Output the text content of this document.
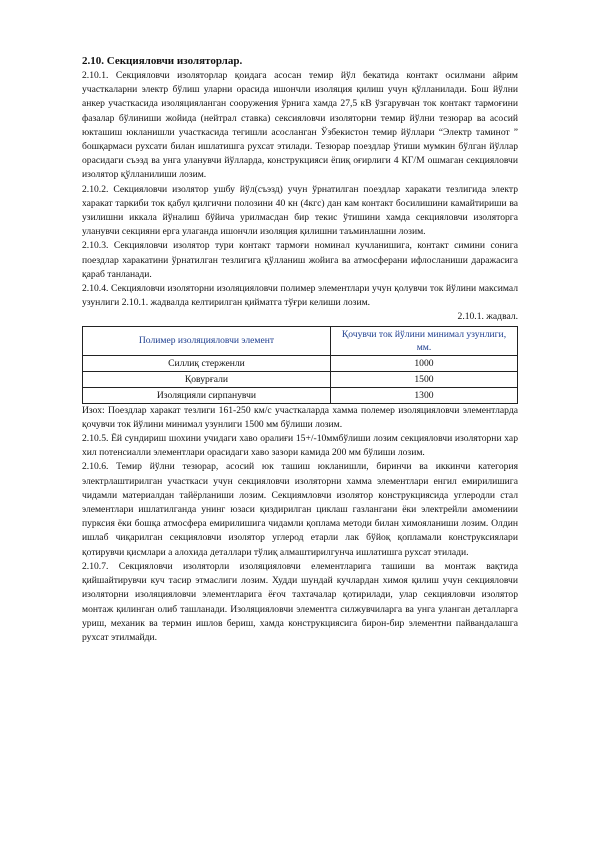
2.10. Секцияловчи изоляторлар.

2.10.1. Секцияловчи изоляторлар қоидага асосан темир йўл бекатида контакт осилмани айрим участкаларни электр бўлиш уларни орасида ишончли изоляция қилиш учун қўлланилади. Бош йўлни анкер участкасида изоляцияланган сооружения ўрнига хамда 27,5 кВ ўзгарувчан ток контакт тармоғини фазалар бўлиниши жойида (нейтрал ставка) сексияловчи изоляторни темир йўлни тезюрар ва асосий юкташиш юкланишли участкасида тегишли асосланган Ўзбекистон темир йўллари “Электр таминот ” бошқармаси рухсати билан ишлатишга рухсат этилади. Тезюрар поездлар ўтиши мумкин бўлган йўллар орасидаги съэзд ва унга уланувчи йўлларда, конструкцияси ёпиқ оғирлиги 4 КГ/М ошмаган секцияловчи изолятор қўлланилиши лозим.

2.10.2. Секцияловчи изолятор ушбу йўл(съэзд) учун ўрнатилган поездлар харакати тезлигида электр харакат таркиби ток қабул қилгични полозини 40 кн (4кгс) дан кам контакт босилишини камайтириши ва узилишни иккала йўналиш бўйича урилмасдан бир текис ўтишини хамда секцияловчи изоляторга уланувчи секцияни ерга улаганда ишончли изоляция қилишни таъминлашни лозим.

2.10.3. Секцияловчи изолятор тури контакт тармоғи номинал кучланишига, контакт симини сонига поездлар харакатини ўрнатилган тезлигига қўлланиш жойига ва атмосферани ифлосланиши даражасига қараб танланади.

2.10.4. Секцияловчи изоляторни изоляцияловчи полимер элементлари учун қолувчи ток йўлини максимал узунлиги 2.10.1. жадвалда келтирилган қийматга тўғри келиши лозим.

2.10.1. жадвал.

Полимер изоляцияловчи элемент	Қочувчи ток йўлини минимал узунлиги, мм.
Силлиқ стерженли	1000
Қовурғали	1500
Изоляцияли сирпанувчи	1300

Изох: Поездлар харакат тезлиги 161-250 км/с участкаларда хамма полемер изоляцияловчи элементларда қочувчи ток йўлини минимал узунлиги 1500 мм бўлиши лозим.

2.10.5. Ёй сундириш шохини учидаги хаво оралиғи 15+/-10ммбўлиши лозим секцияловчи изоляторни хар хил потенсиалли элементлари орасидаги хаво зазори камида 200 мм бўлиши лозим.

2.10.6. Темир йўлни тезюрар, асосий юк ташиш юкланишли, биринчи ва иккинчи категория электрлаштирилган участкаси учун секцияловчи изоляторни хамма элементлари енгил емирилишига чидамли материалдан тайёрланиши лозим. Секциямловчи изолятор конструкциясида углеродли стал элементлари ишлатилганда унинг юзаси қиздирилган циклаш газлангани ёки электрейли амомениии пурксия ёки бошқа атмосфера емирилишига чидамли қоплама методи билан химояланиши лозим. Олдин ишлаб чиқарилган секцияловчи изолятор углерод етарли лак бўйоқ қопламали конструксиялари қотирувчи қисмлари а алохида деталлари тўлиқ алмаштирилгунча ишлатишга рухсат этилади.

2.10.7. Секцияловчи изоляторли изоляцияловчи елементларига ташиши ва монтаж вақтида қийшайтирувчи куч тасир этмаслиги лозим. Худди шундай кучлардан химоя қилиш учун секцияловчи изоляторни изоляцияловчи элементларига ёғоч тахтачалар қотирилади, улар секцияловчи изолятор монтаж қилинган олиб ташланади. Изоляцияловчи элементга силжувчиларга ва унга уланган деталларга уриш, механик ва термин ишлов бериш, хамда конструкциясига бирон-бир элементни пайвандалашга рухсат этилмайди.
